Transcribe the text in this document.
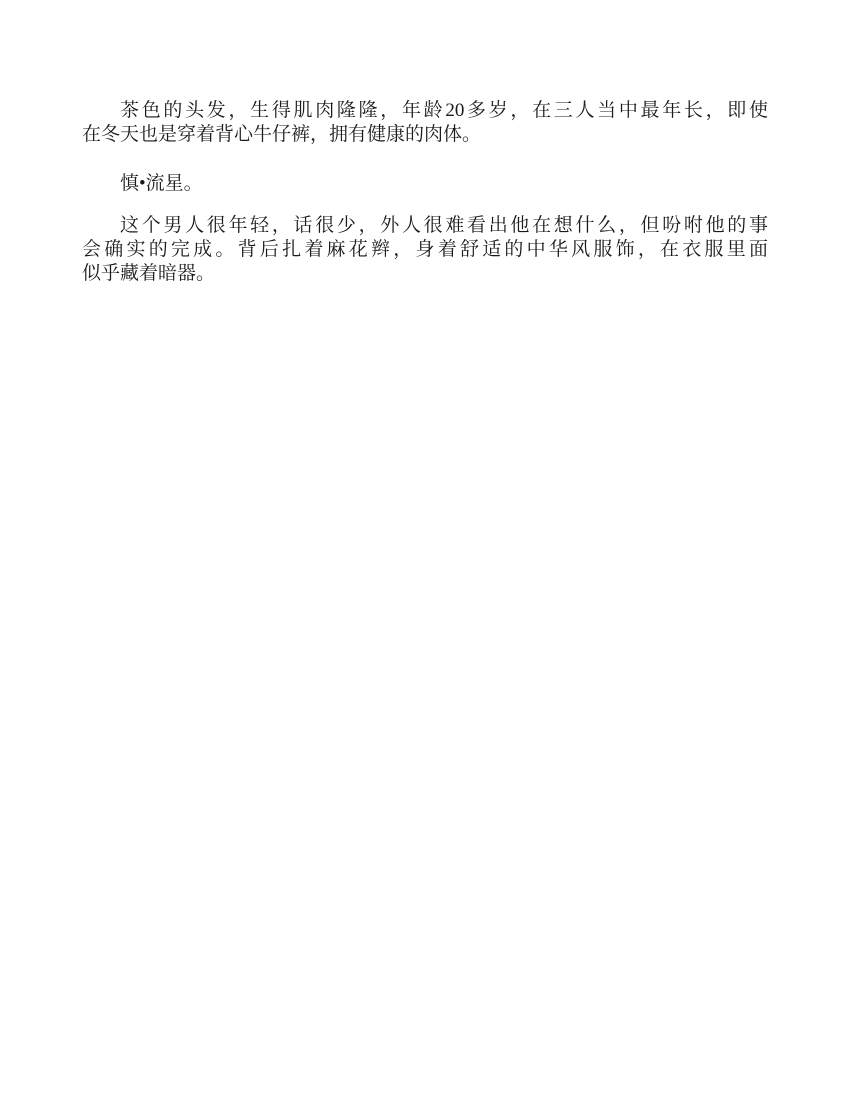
茶色的头发，生得肌肉隆隆，年龄20多岁，在三人当中最年长，即使
在冬天也是穿着背心牛仔裤，拥有健康的肉体。

慎•流星。

这个男人很年轻，话很少，外人很难看出他在想什么，但吩咐他的事
会确实的完成。背后扎着麻花辫，身着舒适的中华风服饰，在衣服里面
似乎藏着暗器。
